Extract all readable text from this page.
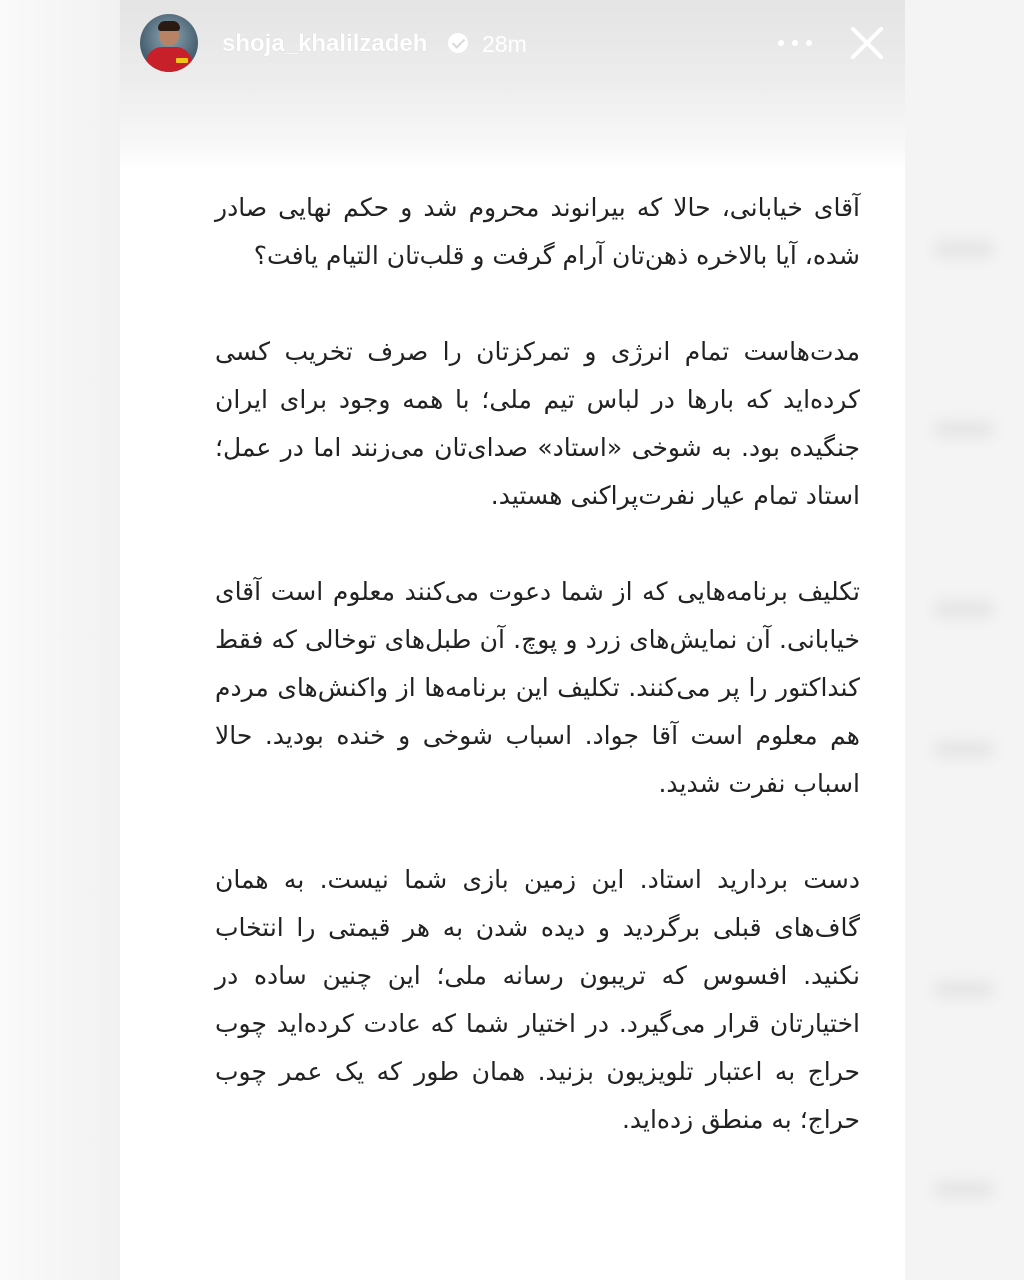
shoja_khalilzadeh 28m

آقای خیابانی، حالا که بیرانوند محروم شد و حکم نهایی صادر شده، آیا بالاخره ذهن‌تان آرام گرفت و قلب‌تان التیام یافت؟

مدت‌هاست تمام انرژی و تمرکزتان را صرف تخریب کسی کرده‌اید که بارها در لباس تیم ملی؛ با همه وجود برای ایران جنگیده بود. به شوخی «استاد» صدای‌تان می‌زنند اما در عمل؛ استاد تمام عیار نفرت‌پراکنی هستید.

تکلیف برنامه‌هایی که از شما دعوت می‌کنند معلوم است آقای خیابانی. آن نمایش‌های زرد و پوچ. آن طبل‌های توخالی که فقط کنداکتور را پر می‌کنند. تکلیف این برنامه‌ها از واکنش‌های مردم هم معلوم است آقا جواد. اسباب شوخی و خنده بودید. حالا اسباب نفرت شدید.

دست بردارید استاد. این زمین بازی شما نیست. به همان گاف‌های قبلی برگردید و دیده شدن به هر قیمتی را انتخاب نکنید. افسوس که تریبون رسانه ملی؛ این چنین ساده در اختیارتان قرار می‌گیرد. در اختیار شما که عادت کرده‌اید چوب حراج به اعتبار تلویزیون بزنید. همان طور که یک عمر چوب حراج؛ به منطق زده‌اید.
